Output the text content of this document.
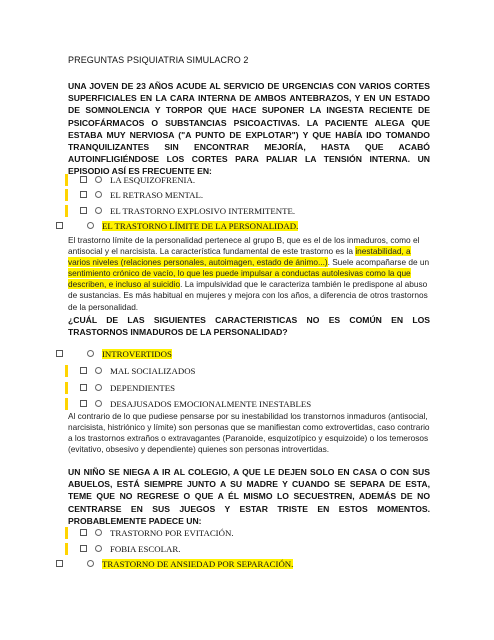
PREGUNTAS PSIQUIATRIA SIMULACRO 2

UNA JOVEN DE 23 AÑOS ACUDE AL SERVICIO DE URGENCIAS CON VARIOS CORTES SUPERFICIALES EN LA CARA INTERNA DE AMBOS ANTEBRAZOS, Y EN UN ESTADO DE SOMNOLENCIA Y TORPOR QUE HACE SUPONER LA INGESTA RECIENTE DE PSICOFÁRMACOS O SUBSTANCIAS PSICOACTIVAS. LA PACIENTE ALEGA QUE ESTABA MUY NERVIOSA ("A PUNTO DE EXPLOTAR") Y QUE HABÍA IDO TOMANDO TRANQUILIZANTES SIN ENCONTRAR MEJORÍA, HASTA QUE ACABÓ AUTOINFLIGIÉNDOSE LOS CORTES PARA PALIAR LA TENSIÓN INTERNA. UN EPISODIO ASÍ ES FRECUENTE EN:

LA ESQUIZOFRENIA.
EL RETRASO MENTAL.
EL TRASTORNO EXPLOSIVO INTERMITENTE.
EL TRASTORNO LÍMITE DE LA PERSONALIDAD.

El trastorno límite de la personalidad pertenece al grupo B, que es el de los inmaduros, como el antisocial y el narcisista. La característica fundamental de este trastorno es la inestabilidad, a varios niveles (relaciones personales, autoimagen, estado de ánimo...). Suele acompañarse de un sentimiento crónico de vacío, lo que les puede impulsar a conductas autolesivas como la que describen, e incluso al suicidio. La impulsividad que le caracteriza también le predispone al abuso de sustancias. Es más habitual en mujeres y mejora con los años, a diferencia de otros trastornos de la personalidad.

¿CUÁL DE LAS SIGUIENTES CARACTERISTICAS NO ES COMÚN EN LOS TRASTORNOS INMADUROS DE LA PERSONALIDAD?

INTROVERTIDOS
MAL SOCIALIZADOS
DEPENDIENTES
DESAJUSADOS EMOCIONALMENTE INESTABLES

Al contrario de lo que pudiese pensarse por su inestabilidad los transtornos inmaduros (antisocial, narcisista, histriónico y límite) son personas que se manifiestan como extrovertidas, caso contrario a los trastornos extraños o extravagantes (Paranoide, esquizotípico y esquizoide) o los temerosos (evitativo, obsesivo y dependiente) quienes son personas introvertidas.

UN NIÑO SE NIEGA A IR AL COLEGIO, A QUE LE DEJEN SOLO EN CASA O CON SUS ABUELOS, ESTÁ SIEMPRE JUNTO A SU MADRE Y CUANDO SE SEPARA DE ESTA, TEME QUE NO REGRESE O QUE A ÉL MISMO LO SECUESTREN, ADEMÁS DE NO CENTRARSE EN SUS JUEGOS Y ESTAR TRISTE EN ESTOS MOMENTOS. PROBABLEMENTE PADECE UN:

TRASTORNO POR EVITACIÓN.
FOBIA ESCOLAR.
TRASTORNO DE ANSIEDAD POR SEPARACIÓN.
